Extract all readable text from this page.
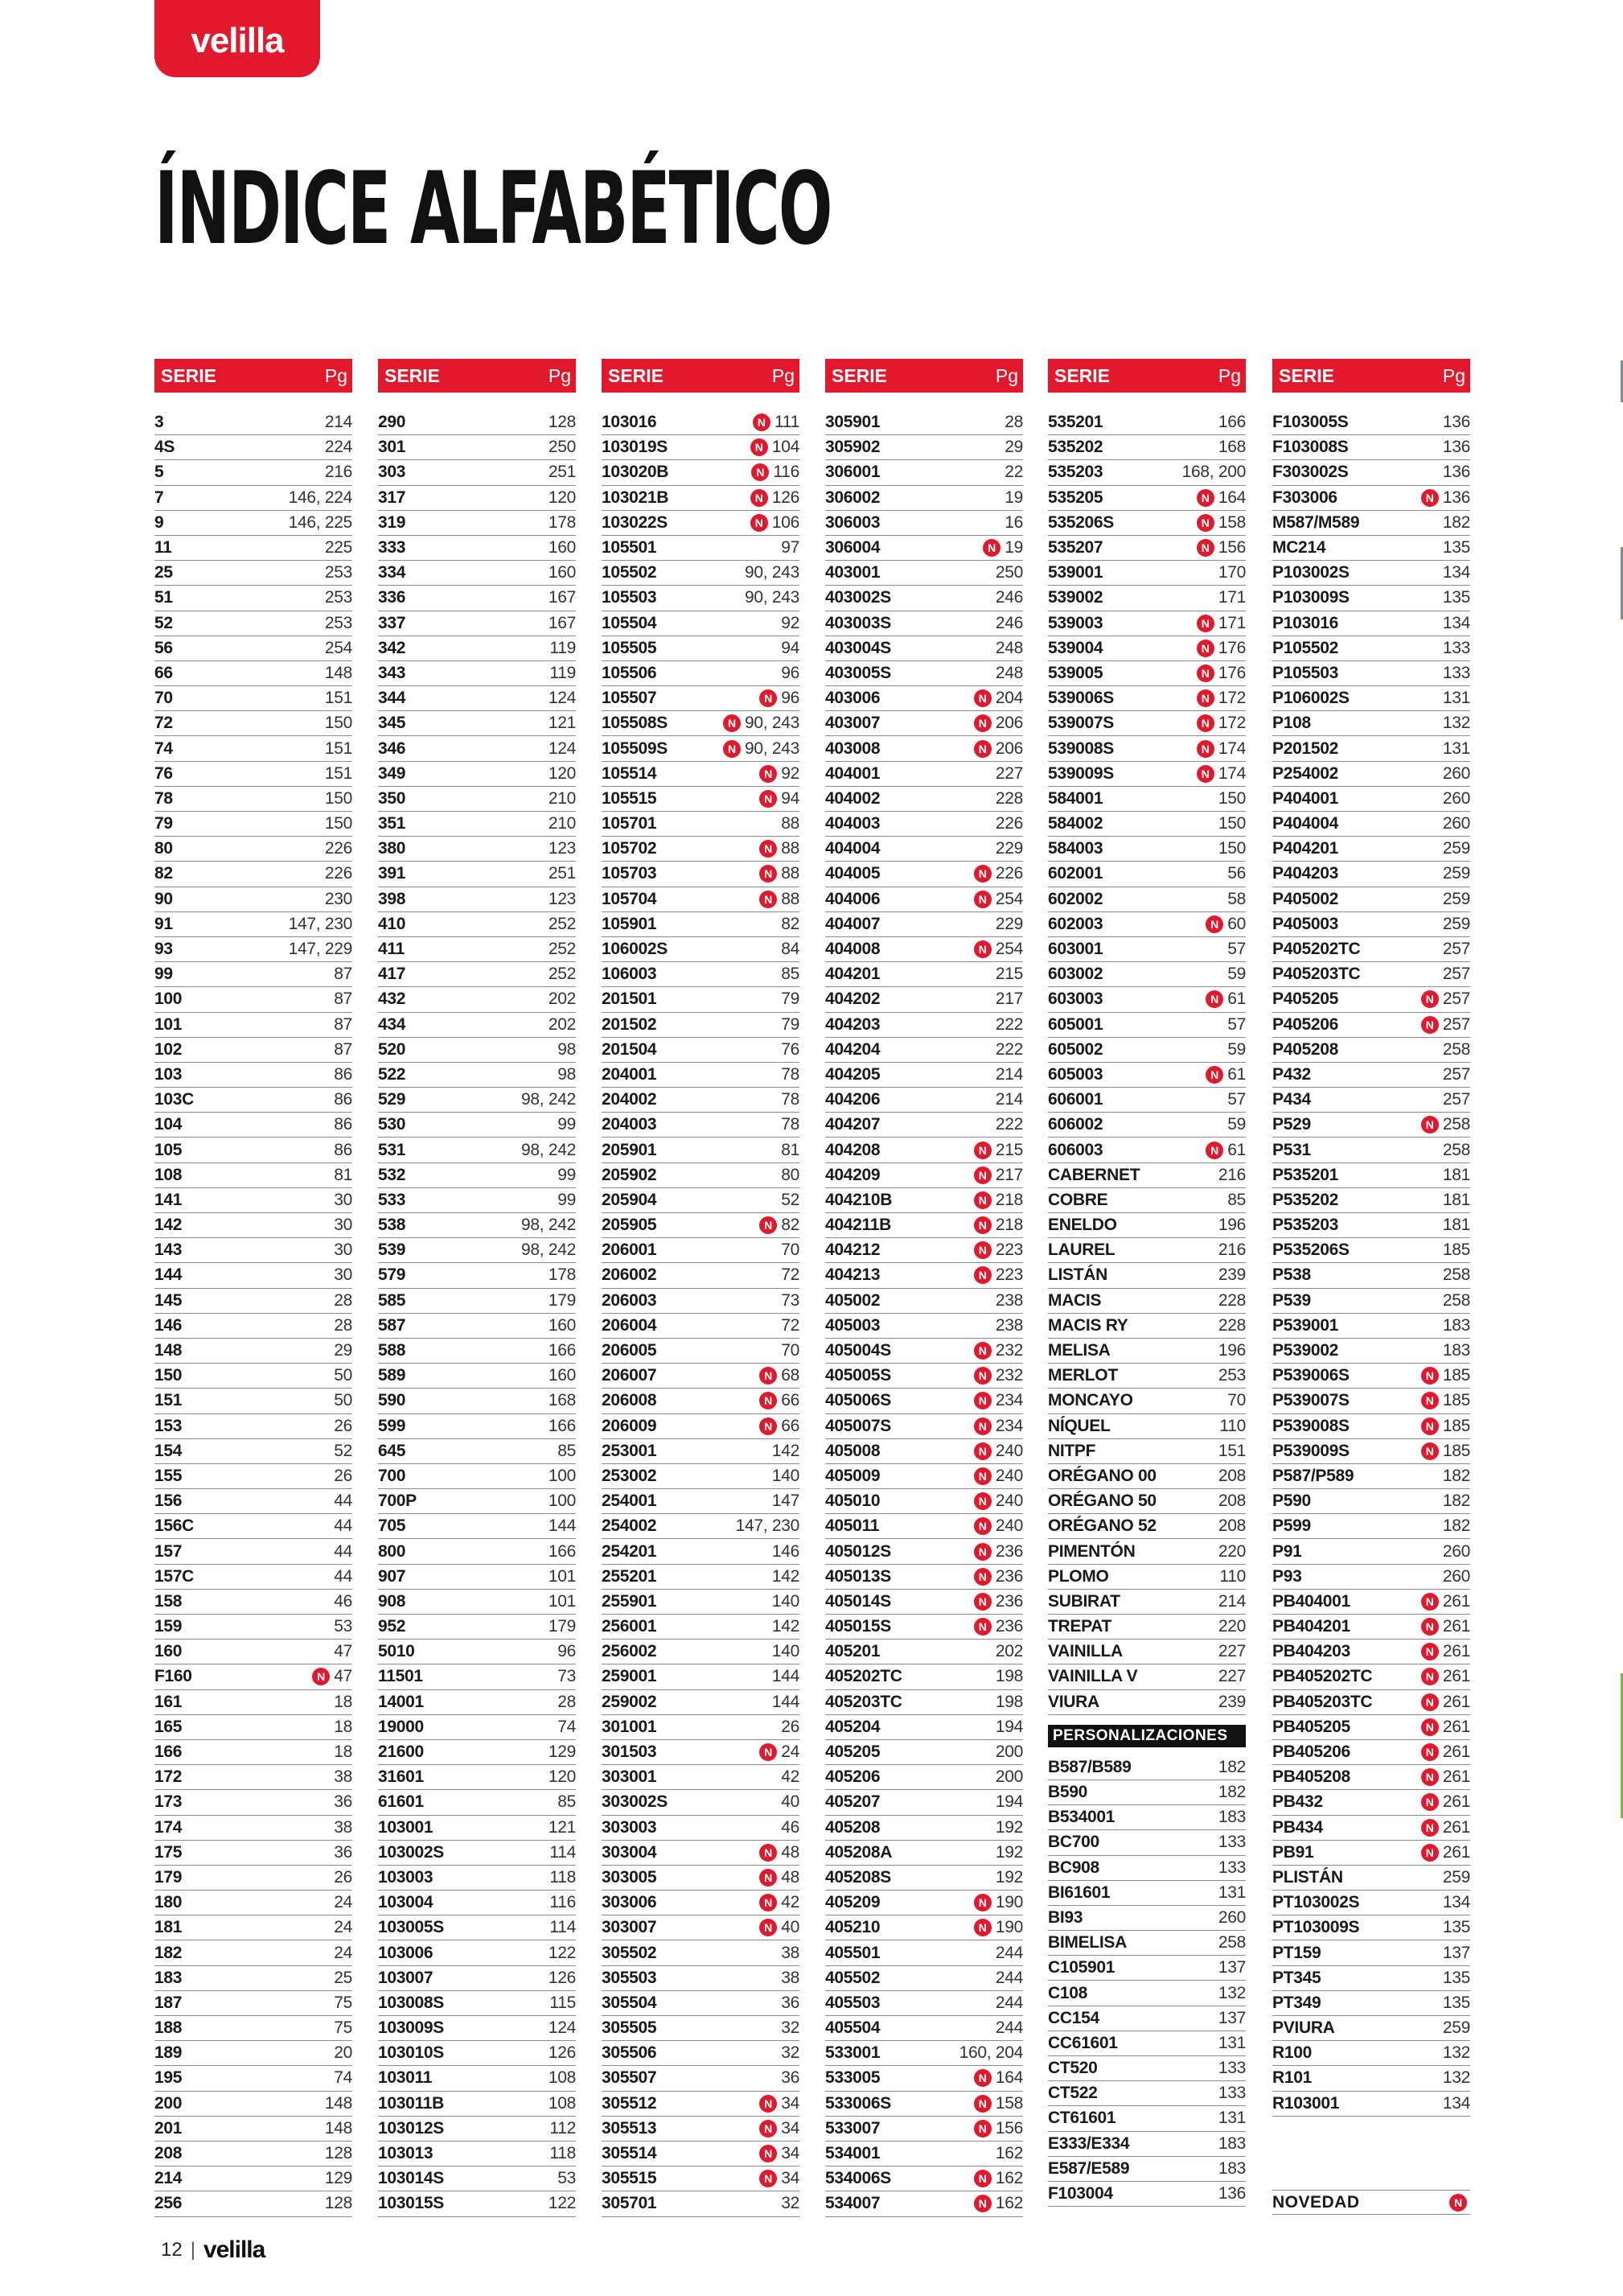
velilla
ÍNDICE ALFABÉTICO
SERIE	Pg
3	214
4S	224
5	216
7	146, 224
9	146, 225
11	225
25	253
51	253
52	253
56	254
66	148
70	151
72	150
74	151
76	151
78	150
79	150
80	226
82	226
90	230
91	147, 230
93	147, 229
99	87
100	87
101	87
102	87
103	86
103C	86
104	86
105	86
108	81
141	30
142	30
143	30
144	30
145	28
146	28
148	29
150	50
151	50
153	26
154	52
155	26
156	44
156C	44
157	44
157C	44
158	46
159	53
160	47
F160	N 47
161	18
165	18
166	18
172	38
173	36
174	38
175	36
179	26
180	24
181	24
182	24
183	25
187	75
188	75
189	20
195	74
200	148
201	148
208	128
214	129
256	128
SERIE	Pg
290	128
301	250
303	251
317	120
319	178
333	160
334	160
336	167
337	167
342	119
343	119
344	124
345	121
346	124
349	120
350	210
351	210
380	123
391	251
398	123
410	252
411	252
417	252
432	202
434	202
520	98
522	98
529	98, 242
530	99
531	98, 242
532	99
533	99
538	98, 242
539	98, 242
579	178
585	179
587	160
588	166
589	160
590	168
599	166
645	85
700	100
700P	100
705	144
800	166
907	101
908	101
952	179
5010	96
11501	73
14001	28
19000	74
21600	129
31601	120
61601	85
103001	121
103002S	114
103003	118
103004	116
103005S	114
103006	122
103007	126
103008S	115
103009S	124
103010S	126
103011	108
103011B	108
103012S	112
103013	118
103014S	53
103015S	122
SERIE	Pg
103016	N 111
103019S	N 104
103020B	N 116
103021B	N 126
103022S	N 106
105501	97
105502	90, 243
105503	90, 243
105504	92
105505	94
105506	96
105507	N 96
105508S	N 90, 243
105509S	N 90, 243
105514	N 92
105515	N 94
105701	88
105702	N 88
105703	N 88
105704	N 88
105901	82
106002S	84
106003	85
201501	79
201502	79
201504	76
204001	78
204002	78
204003	78
205901	81
205902	80
205904	52
205905	N 82
206001	70
206002	72
206003	73
206004	72
206005	70
206007	N 68
206008	N 66
206009	N 66
253001	142
253002	140
254001	147
254002	147, 230
254201	146
255201	142
255901	140
256001	142
256002	140
259001	144
259002	144
301001	26
301503	N 24
303001	42
303002S	40
303003	46
303004	N 48
303005	N 48
303006	N 42
303007	N 40
305502	38
305503	38
305504	36
305505	32
305506	32
305507	36
305512	N 34
305513	N 34
305514	N 34
305515	N 34
305701	32
SERIE	Pg
305901	28
305902	29
306001	22
306002	19
306003	16
306004	N 19
403001	250
403002S	246
403003S	246
403004S	248
403005S	248
403006	N 204
403007	N 206
403008	N 206
404001	227
404002	228
404003	226
404004	229
404005	N 226
404006	N 254
404007	229
404008	N 254
404201	215
404202	217
404203	222
404204	222
404205	214
404206	214
404207	222
404208	N 215
404209	N 217
404210B	N 218
404211B	N 218
404212	N 223
404213	N 223
405002	238
405003	238
405004S	N 232
405005S	N 232
405006S	N 234
405007S	N 234
405008	N 240
405009	N 240
405010	N 240
405011	N 240
405012S	N 236
405013S	N 236
405014S	N 236
405015S	N 236
405201	202
405202TC	198
405203TC	198
405204	194
405205	200
405206	200
405207	194
405208	192
405208A	192
405208S	192
405209	N 190
405210	N 190
405501	244
405502	244
405503	244
405504	244
533001	160, 204
533005	N 164
533006S	N 158
533007	N 156
534001	162
534006S	N 162
534007	N 162
SERIE	Pg
535201	166
535202	168
535203	168, 200
535205	N 164
535206S	N 158
535207	N 156
539001	170
539002	171
539003	N 171
539004	N 176
539005	N 176
539006S	N 172
539007S	N 172
539008S	N 174
539009S	N 174
584001	150
584002	150
584003	150
602001	56
602002	58
602003	N 60
603001	57
603002	59
603003	N 61
605001	57
605002	59
605003	N 61
606001	57
606002	59
606003	N 61
CABERNET	216
COBRE	85
ENELDO	196
LAUREL	216
LISTÁN	239
MACIS	228
MACIS RY	228
MELISA	196
MERLOT	253
MONCAYO	70
NÍQUEL	110
NITPF	151
ORÉGANO 00	208
ORÉGANO 50	208
ORÉGANO 52	208
PIMENTÓN	220
PLOMO	110
SUBIRAT	214
TREPAT	220
VAINILLA	227
VAINILLA V	227
VIURA	239
PERSONALIZACIONES
B587/B589	182
B590	182
B534001	183
BC700	133
BC908	133
BI61601	131
BI93	260
BIMELISA	258
C105901	137
C108	132
CC154	137
CC61601	131
CT520	133
CT522	133
CT61601	131
E333/E334	183
E587/E589	183
F103004	136
SERIE	Pg
F103005S	136
F103008S	136
F303002S	136
F303006	N 136
M587/M589	182
MC214	135
P103002S	134
P103009S	135
P103016	134
P105502	133
P105503	133
P106002S	131
P108	132
P201502	131
P254002	260
P404001	260
P404004	260
P404201	259
P404203	259
P405002	259
P405003	259
P405202TC	257
P405203TC	257
P405205	N 257
P405206	N 257
P405208	258
P432	257
P434	257
P529	N 258
P531	258
P535201	181
P535202	181
P535203	181
P535206S	185
P538	258
P539	258
P539001	183
P539002	183
P539006S	N 185
P539007S	N 185
P539008S	N 185
P539009S	N 185
P587/P589	182
P590	182
P599	182
P91	260
P93	260
PB404001	N 261
PB404201	N 261
PB404203	N 261
PB405202TC	N 261
PB405203TC	N 261
PB405205	N 261
PB405206	N 261
PB405208	N 261
PB432	N 261
PB434	N 261
PB91	N 261
PLISTÁN	259
PT103002S	134
PT103009S	135
PT159	137
PT345	135
PT349	135
PVIURA	259
R100	132
R101	132
R103001	134
NOVEDAD	N
12 | velilla
